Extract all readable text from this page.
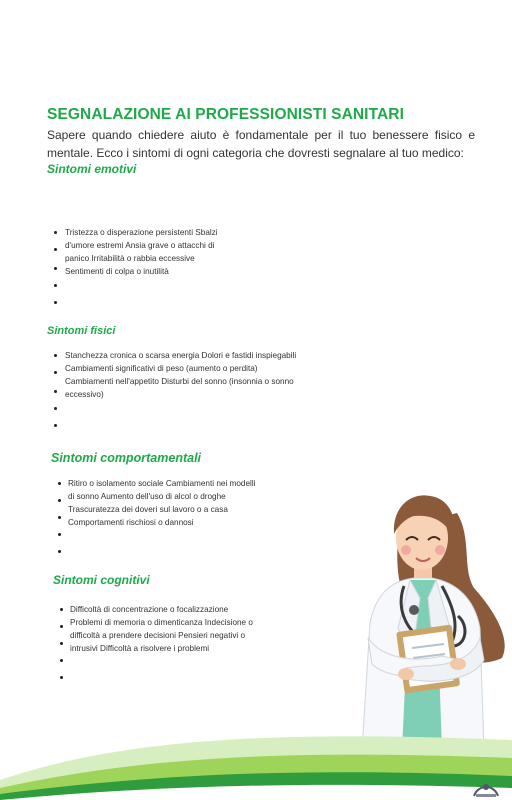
SEGNALAZIONE AI PROFESSIONISTI SANITARI

Sapere quando chiedere aiuto è fondamentale per il tuo benessere fisico e mentale. Ecco i sintomi di ogni categoria che dovresti segnalare al tuo medico:

Sintomi emotivi
Tristezza o disperazione persistenti Sbalzi
d'umore estremi Ansia grave o attacchi di
panico Irritabilità o rabbia eccessive
Sentimenti di colpa o inutilità
Sintomi fisici
Stanchezza cronica o scarsa energia Dolori e fastidi inspiegabili
Cambiamenti significativi di peso (aumento o perdita)
Cambiamenti nell'appetito Disturbi del sonno (insonnia o sonno
eccessivo)
Sintomi comportamentali
Ritiro o isolamento sociale Cambiamenti nei modelli
di sonno Aumento dell'uso di alcol o droghe
Trascuratezza dei doveri sul lavoro o a casa
Comportamenti rischiosi o dannosi
Sintomi cognitivi
Difficoltà di concentrazione o focalizzazione
Problemi di memoria o dimenticanza Indecisione o
difficoltà a prendere decisioni Pensieri negativi o
intrusivi Difficoltà a risolvere i problemi
